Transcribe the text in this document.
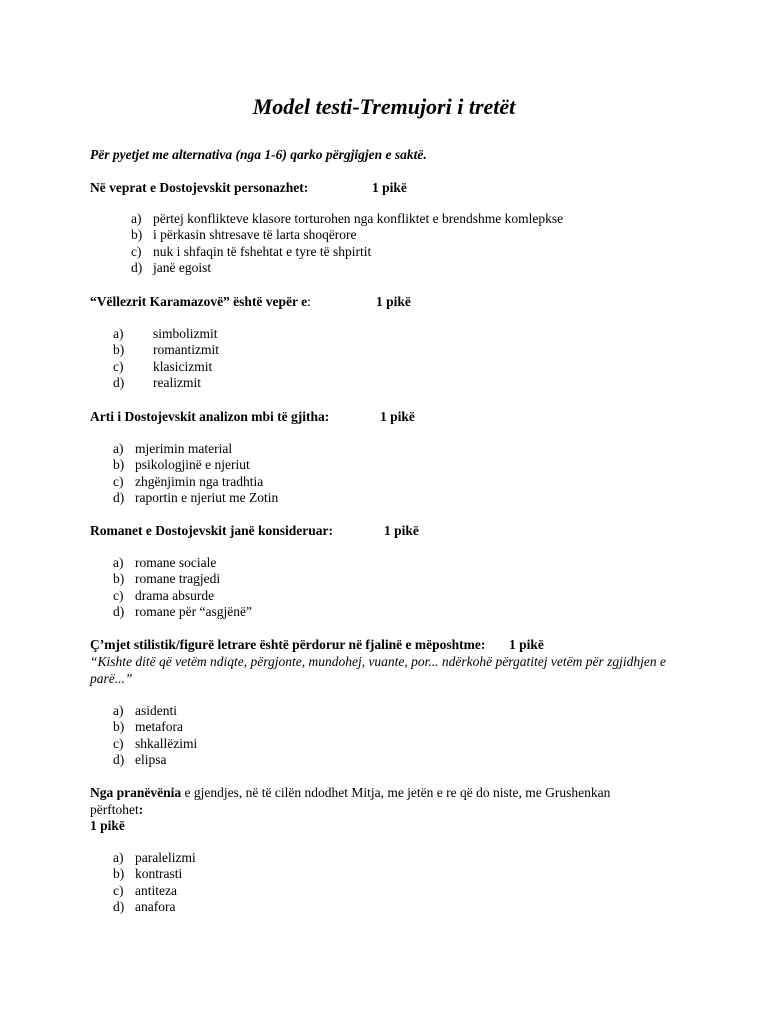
Model testi-Tremujori i tretët
Për pyetjet me alternativa (nga 1-6) qarko përgjigjen e saktë.
Në veprat e Dostojevskit personazhet:	1 pikë
a) përtej konflikteve klasore torturohen nga konfliktet e brendshme komlepkse
b) i përkasin shtresave të larta shoqërore
c) nuk i shfaqin të fshehtat e tyre të shpirtit
d) janë egoist
“Vëllezrit Karamazovë” është vepër e:	1 pikë
a) simbolizmit
b) romantizmit
c) klasicizmit
d) realizmit
Arti i Dostojevskit analizon mbi të gjitha:	1 pikë
a) mjerimin material
b) psikologjinë e njeriut
c) zhgënjimin nga tradhtia
d) raportin e njeriut me Zotin
Romanet e Dostojevskit janë konsideruar:	1 pikë
a) romane sociale
b) romane tragjedi
c) drama absurde
d) romane për “asgjënë”
Ç’mjet stilistik/figurë letrare është përdorur në fjalinë e mëposhtme: 1 pikë
“Kishte ditë që vetëm ndiqte, përgjonte, mundohej, vuante, por... ndërkohë përgatitej vetëm për zgjidhjen e parë...”
a) asidenti
b) metafora
c) shkallëzimi
d) elipsa
Nga pranëvënia e gjendjes, në të cilën ndodhet Mitja, me jetën e re që do niste, me Grushenkan përftohet:
1 pikë
a) paralelizmi
b) kontrasti
c) antiteza
d) anafora
